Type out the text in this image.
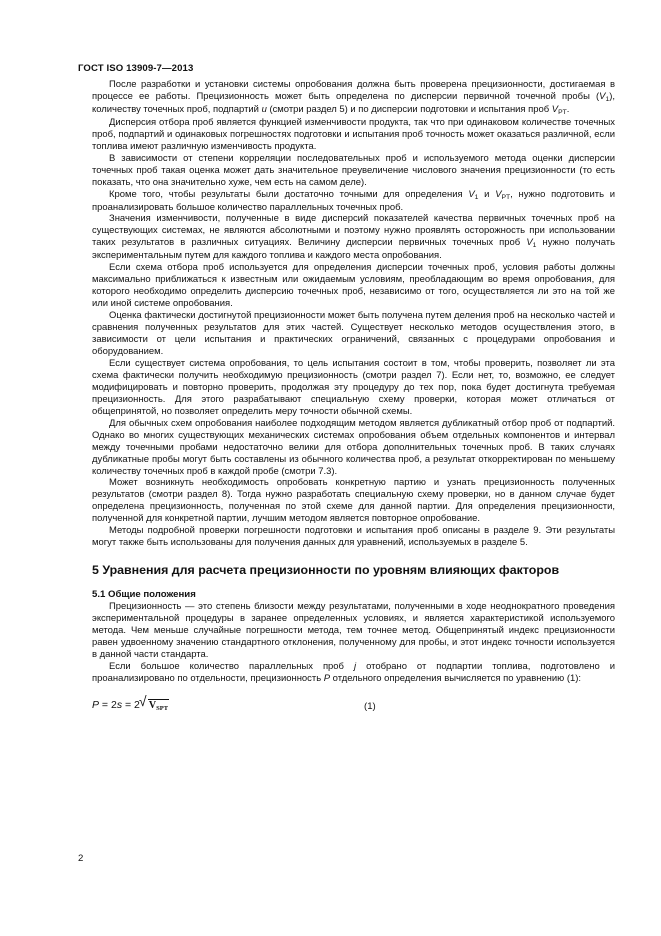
ГОСТ ISO 13909-7—2013

После разработки и установки системы опробования должна быть проверена прецизионности, достигаемая в процессе ее работы. Прецизионность может быть определена по дисперсии первичной точечной пробы $(V_1)$, количеству точечных проб, подпартий u (смотри раздел 5) и по дисперсии подготовки и испытания проб $V_{PT}$.

Дисперсия отбора проб является функцией изменчивости продукта, так что при одинаковом количестве точечных проб, подпартий и одинаковых погрешностях подготовки и испытания проб точность может оказаться различной, если топлива имеют различную изменчивость продукта.

В зависимости от степени корреляции последовательных проб и используемого метода оценки дисперсии точечных проб такая оценка может дать значительное преувеличение числового значения прецизионности (то есть показать, что она значительно хуже, чем есть на самом деле).

Кроме того, чтобы результаты были достаточно точными для определения $V_1$ и $V_{PT}$, нужно подготовить и проанализировать большое количество параллельных точечных проб.

Значения изменчивости, полученные в виде дисперсий показателей качества первичных точечных проб на существующих системах, не являются абсолютными и поэтому нужно проявлять осторожность при использовании таких результатов в различных ситуациях. Величину дисперсии первичных точечных проб $V_1$ нужно получать экспериментальным путем для каждого топлива и каждого места опробования.

Если схема отбора проб используется для определения дисперсии точечных проб, условия работы должны максимально приближаться к известным или ожидаемым условиям, преобладающим во время опробования, для которого необходимо определить дисперсию точечных проб, независимо от того, осуществляется ли это на той же или иной системе опробования.

Оценка фактически достигнутой прецизионности может быть получена путем деления проб на несколько частей и сравнения полученных результатов для этих частей. Существует несколько методов осуществления этого, в зависимости от цели испытания и практических ограничений, связанных с процедурами опробования и оборудованием.

Если существует система опробования, то цель испытания состоит в том, чтобы проверить, позволяет ли эта схема фактически получить необходимую прецизионность (смотри раздел 7). Если нет, то, возможно, ее следует модифицировать и повторно проверить, продолжая эту процедуру до тех пор, пока будет достигнута требуемая прецизионность. Для этого разрабатывают специальную схему проверки, которая может отличаться от общепринятой, но позволяет определить меру точности обычной схемы.

Для обычных схем опробования наиболее подходящим методом является дубликатный отбор проб от подпартий. Однако во многих существующих механических системах опробования объем отдельных компонентов и интервал между точечными пробами недостаточно велики для отбора дополнительных точечных проб. В таких случаях дубликатные пробы могут быть составлены из обычного количества проб, а результат откорректирован по меньшему количеству точечных проб в каждой пробе (смотри 7.3).

Может возникнуть необходимость опробовать конкретную партию и узнать прецизионность полученных результатов (смотри раздел 8). Тогда нужно разработать специальную схему проверки, но в данном случае будет определена прецизионность, полученная по этой схеме для данной партии. Для определения прецизионности, полученной для конкретной партии, лучшим методом является повторное опробование.

Методы подробной проверки погрешности подготовки и испытания проб описаны в разделе 9. Эти результаты могут также быть использованы для получения данных для уравнений, используемых в разделе 5.

5 Уравнения для расчета прецизионности по уровням влияющих факторов
5.1 Общие положения

Прецизионность — это степень близости между результатами, полученными в ходе неоднократного проведения экспериментальной процедуры в заранее определенных условиях, и является характеристикой используемого метода. Чем меньше случайные погрешности метода, тем точнее метод. Общепринятый индекс прецизионности равен удвоенному значению стандартного отклонения, полученному для пробы, и этот индекс точности используется в данной части стандарта.

Если большое количество параллельных проб j отобрано от подпартии топлива, подготовлено и проанализировано по отдельности, прецизионность P отдельного определения вычисляется по уравнению (1):

P = 2s = 2 √ $V_{SPT}$	(1)
2
